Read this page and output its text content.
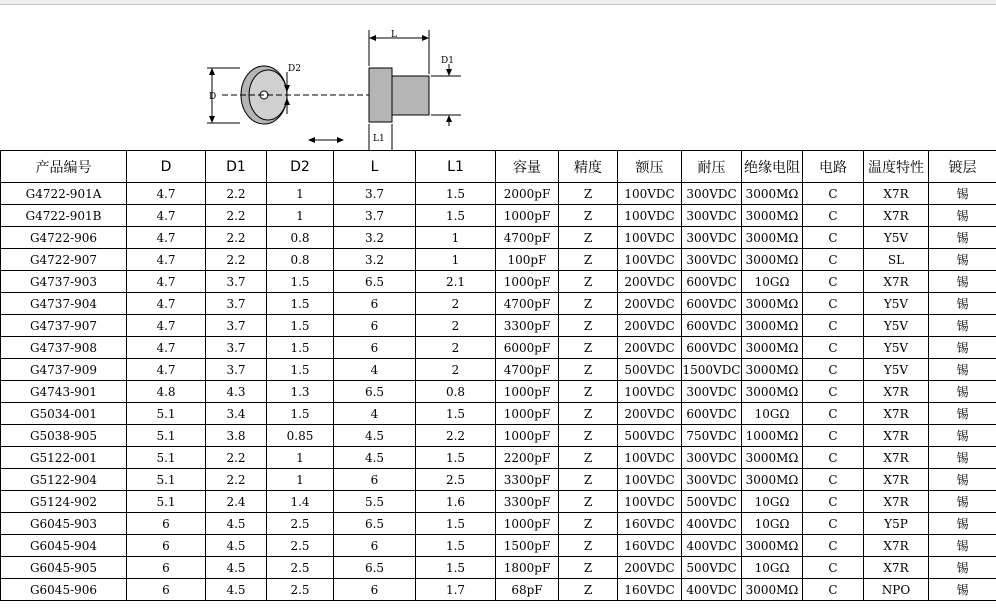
D
D2
L
D1
L1
产品编号	D	D1	D2	L	L1	容量	精度	额压	耐压	绝缘电阻	电路	温度特性	镀层
G4722-901A	4.7	2.2	1	3.7	1.5	2000pF	Z	100VDC	300VDC	3000MΩ	C	X7R	锡
G4722-901B	4.7	2.2	1	3.7	1.5	1000pF	Z	100VDC	300VDC	3000MΩ	C	X7R	锡
G4722-906	4.7	2.2	0.8	3.2	1	4700pF	Z	100VDC	300VDC	3000MΩ	C	Y5V	锡
G4722-907	4.7	2.2	0.8	3.2	1	100pF	Z	100VDC	300VDC	3000MΩ	C	SL	锡
G4737-903	4.7	3.7	1.5	6.5	2.1	1000pF	Z	200VDC	600VDC	10GΩ	C	X7R	锡
G4737-904	4.7	3.7	1.5	6	2	4700pF	Z	200VDC	600VDC	3000MΩ	C	Y5V	锡
G4737-907	4.7	3.7	1.5	6	2	3300pF	Z	200VDC	600VDC	3000MΩ	C	Y5V	锡
G4737-908	4.7	3.7	1.5	6	2	6000pF	Z	200VDC	600VDC	3000MΩ	C	Y5V	锡
G4737-909	4.7	3.7	1.5	4	2	4700pF	Z	500VDC	1500VDC	3000MΩ	C	Y5V	锡
G4743-901	4.8	4.3	1.3	6.5	0.8	1000pF	Z	100VDC	300VDC	3000MΩ	C	X7R	锡
G5034-001	5.1	3.4	1.5	4	1.5	1000pF	Z	200VDC	600VDC	10GΩ	C	X7R	锡
G5038-905	5.1	3.8	0.85	4.5	2.2	1000pF	Z	500VDC	750VDC	1000MΩ	C	X7R	锡
G5122-001	5.1	2.2	1	4.5	1.5	2200pF	Z	100VDC	300VDC	3000MΩ	C	X7R	锡
G5122-904	5.1	2.2	1	6	2.5	3300pF	Z	100VDC	300VDC	3000MΩ	C	X7R	锡
G5124-902	5.1	2.4	1.4	5.5	1.6	3300pF	Z	100VDC	500VDC	10GΩ	C	X7R	锡
G6045-903	6	4.5	2.5	6.5	1.5	1000pF	Z	160VDC	400VDC	10GΩ	C	Y5P	锡
G6045-904	6	4.5	2.5	6	1.5	1500pF	Z	160VDC	400VDC	3000MΩ	C	X7R	锡
G6045-905	6	4.5	2.5	6.5	1.5	1800pF	Z	200VDC	500VDC	10GΩ	C	X7R	锡
G6045-906	6	4.5	2.5	6	1.7	68pF	Z	160VDC	400VDC	3000MΩ	C	NPO	锡
